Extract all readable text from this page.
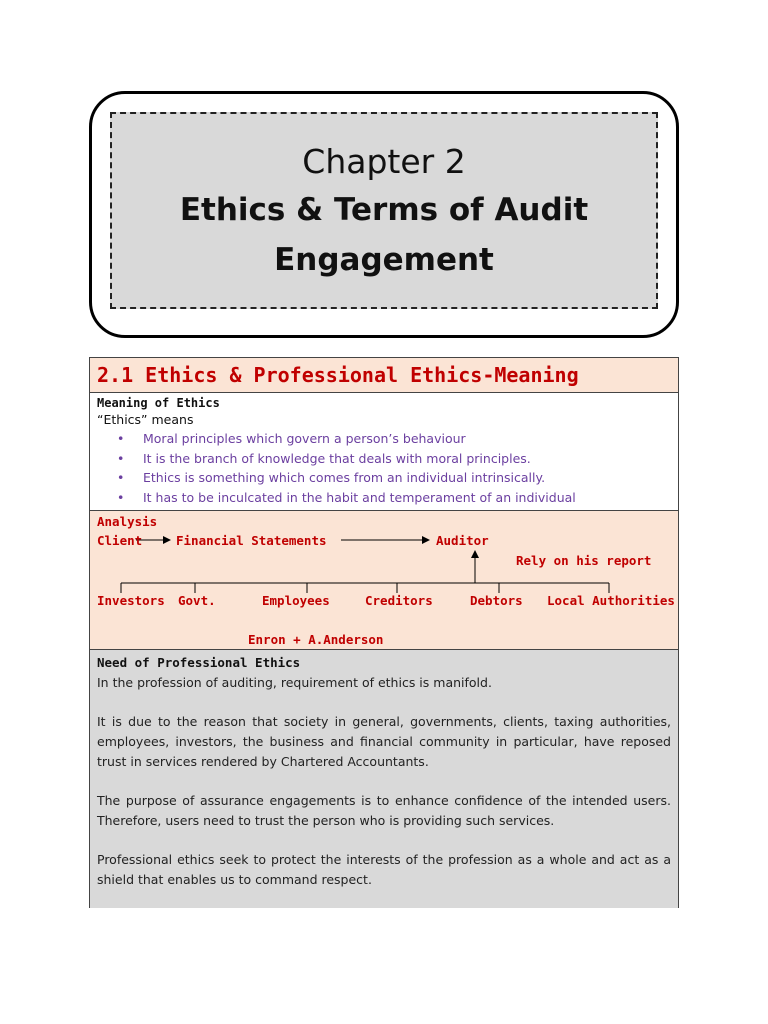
Chapter 2
Ethics & Terms of Audit Engagement
2.1 Ethics & Professional Ethics-Meaning
Meaning of Ethics
“Ethics” means
• Moral principles which govern a person’s behaviour
• It is the branch of knowledge that deals with moral principles.
• Ethics is something which comes from an individual intrinsically.
• It has to be inculcated in the habit and temperament of an individual
Analysis
Client	Financial Statements	Auditor
Rely on his report
Investors Govt.	Employees	Creditors	Debtors Local Authorities
Enron + A.Anderson
Need of Professional Ethics

In the profession of auditing, requirement of ethics is manifold.

It is due to the reason that society in general, governments, clients, taxing authorities, employees, investors, the business and financial community in particular, have reposed trust in services rendered by Chartered Accountants.

The purpose of assurance engagements is to enhance confidence of the intended users. Therefore, users need to trust the person who is providing such services.

Professional ethics seek to protect the interests of the profession as a whole and act as a shield that enables us to command respect.
